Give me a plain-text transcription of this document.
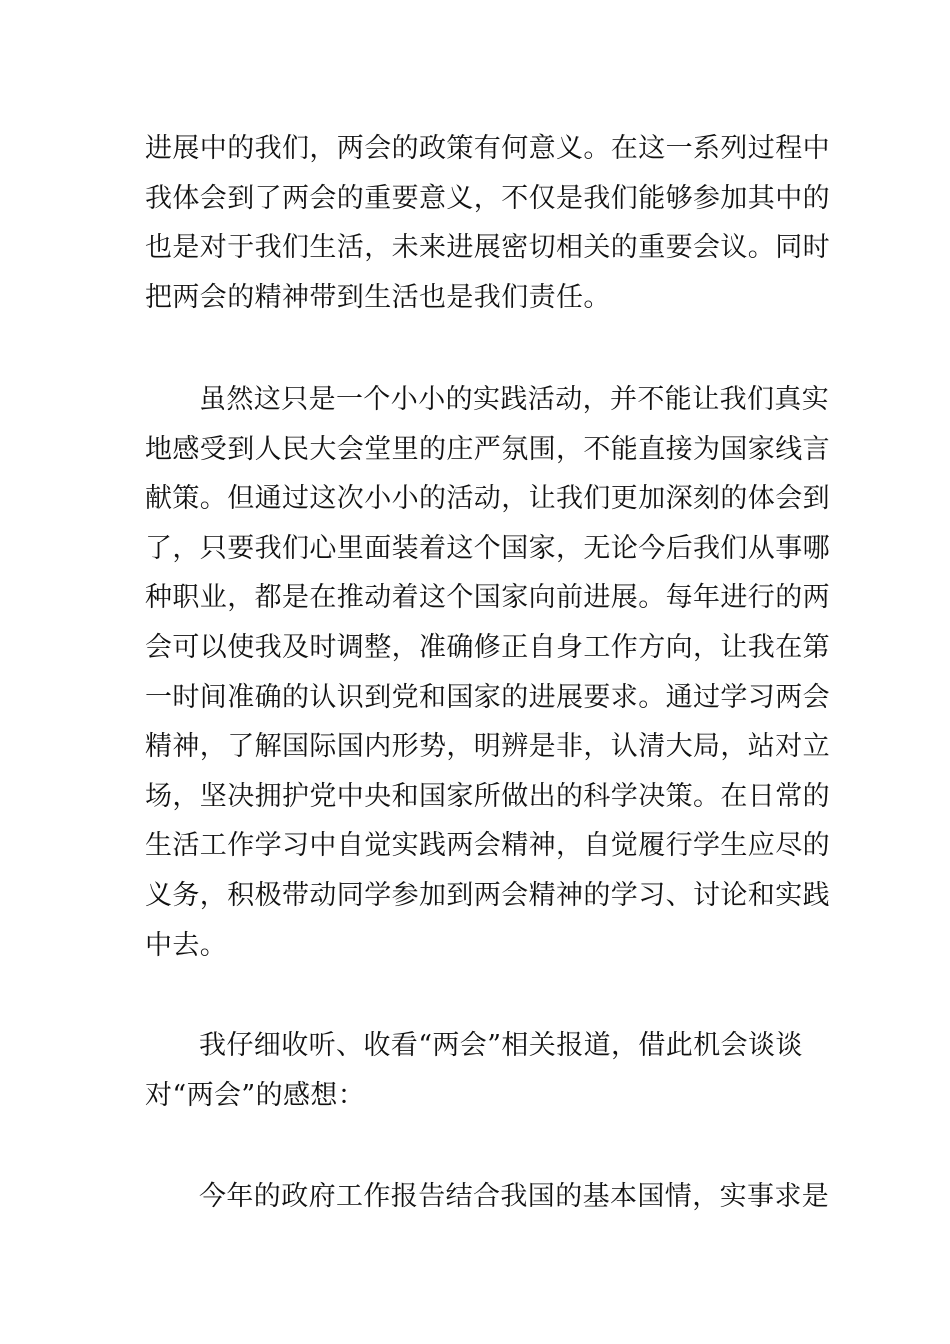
进展中的我们，两会的政策有何意义。在这一系列过程中
我体会到了两会的重要意义，不仅是我们能够参加其中的
也是对于我们生活，未来进展密切相关的重要会议。同时
把两会的精神带到生活也是我们责任。
虽然这只是一个小小的实践活动，并不能让我们真实
地感受到人民大会堂里的庄严氛围，不能直接为国家线言
献策。但通过这次小小的活动，让我们更加深刻的体会到
了，只要我们心里面装着这个国家，无论今后我们从事哪
种职业，都是在推动着这个国家向前进展。每年进行的两
会可以使我及时调整，准确修正自身工作方向，让我在第
一时间准确的认识到党和国家的进展要求。通过学习两会
精神，了解国际国内形势，明辨是非，认清大局，站对立
场，坚决拥护党中央和国家所做出的科学决策。在日常的
生活工作学习中自觉实践两会精神，自觉履行学生应尽的
义务，积极带动同学参加到两会精神的学习、讨论和实践
中去。
我仔细收听、收看“两会”相关报道，借此机会谈谈
对“两会”的感想：
今年的政府工作报告结合我国的基本国情，实事求是
